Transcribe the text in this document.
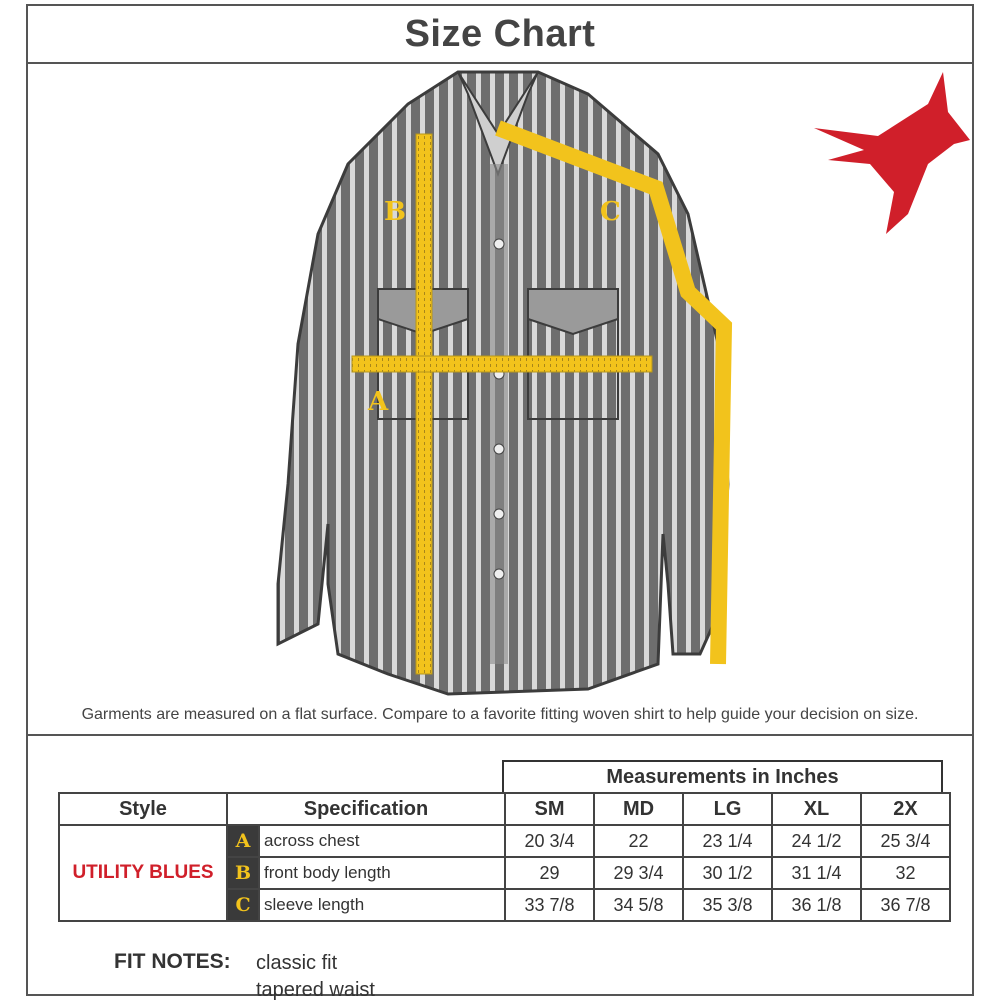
Size Chart
A
B	C
Garments are measured on a flat surface. Compare to a favorite fitting woven shirt to help guide your decision on size.
Measurements in Inches
Style	Specification		SM	MD	LG	XL	2X
UTILITY BLUES	A	across chest	20 3/4	22	23 1/4	24 1/2	25 3/4
	B	front body length	29	29 3/4	30 1/2	31 1/4	32
	C	sleeve length	33 7/8	34 5/8	35 3/8	36 1/8	36 7/8
FIT NOTES: classic fit
tapered waist
